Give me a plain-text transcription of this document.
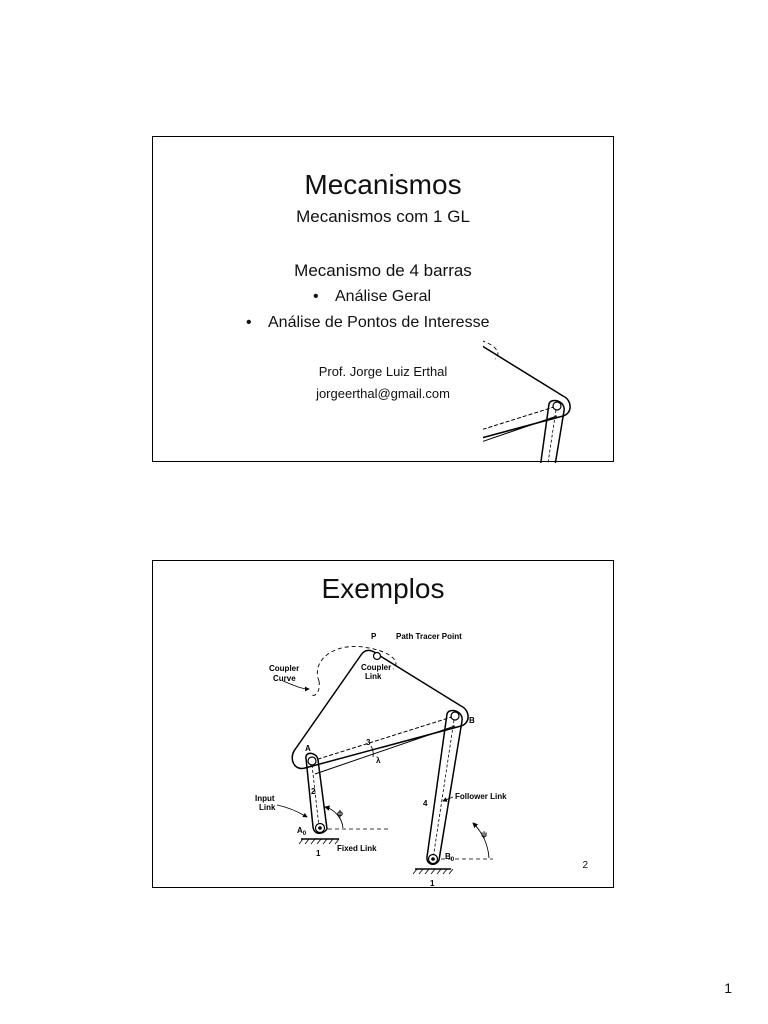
Mecanismos
Mecanismos com 1 GL
Mecanismo de 4 barras
• Análise Geral
• Análise de Pontos de Interesse
Prof. Jorge Luiz Erthal
jorgeerthal@gmail.com
Exemplos
P Path Tracer Point
Coupler
Curve
Coupler
Link
A
B
3
λ
2
Input
Link
ϕ
$A_0$
$B_0$
4
Follower Link
ψ
1
Fixed Link
1
2
1
